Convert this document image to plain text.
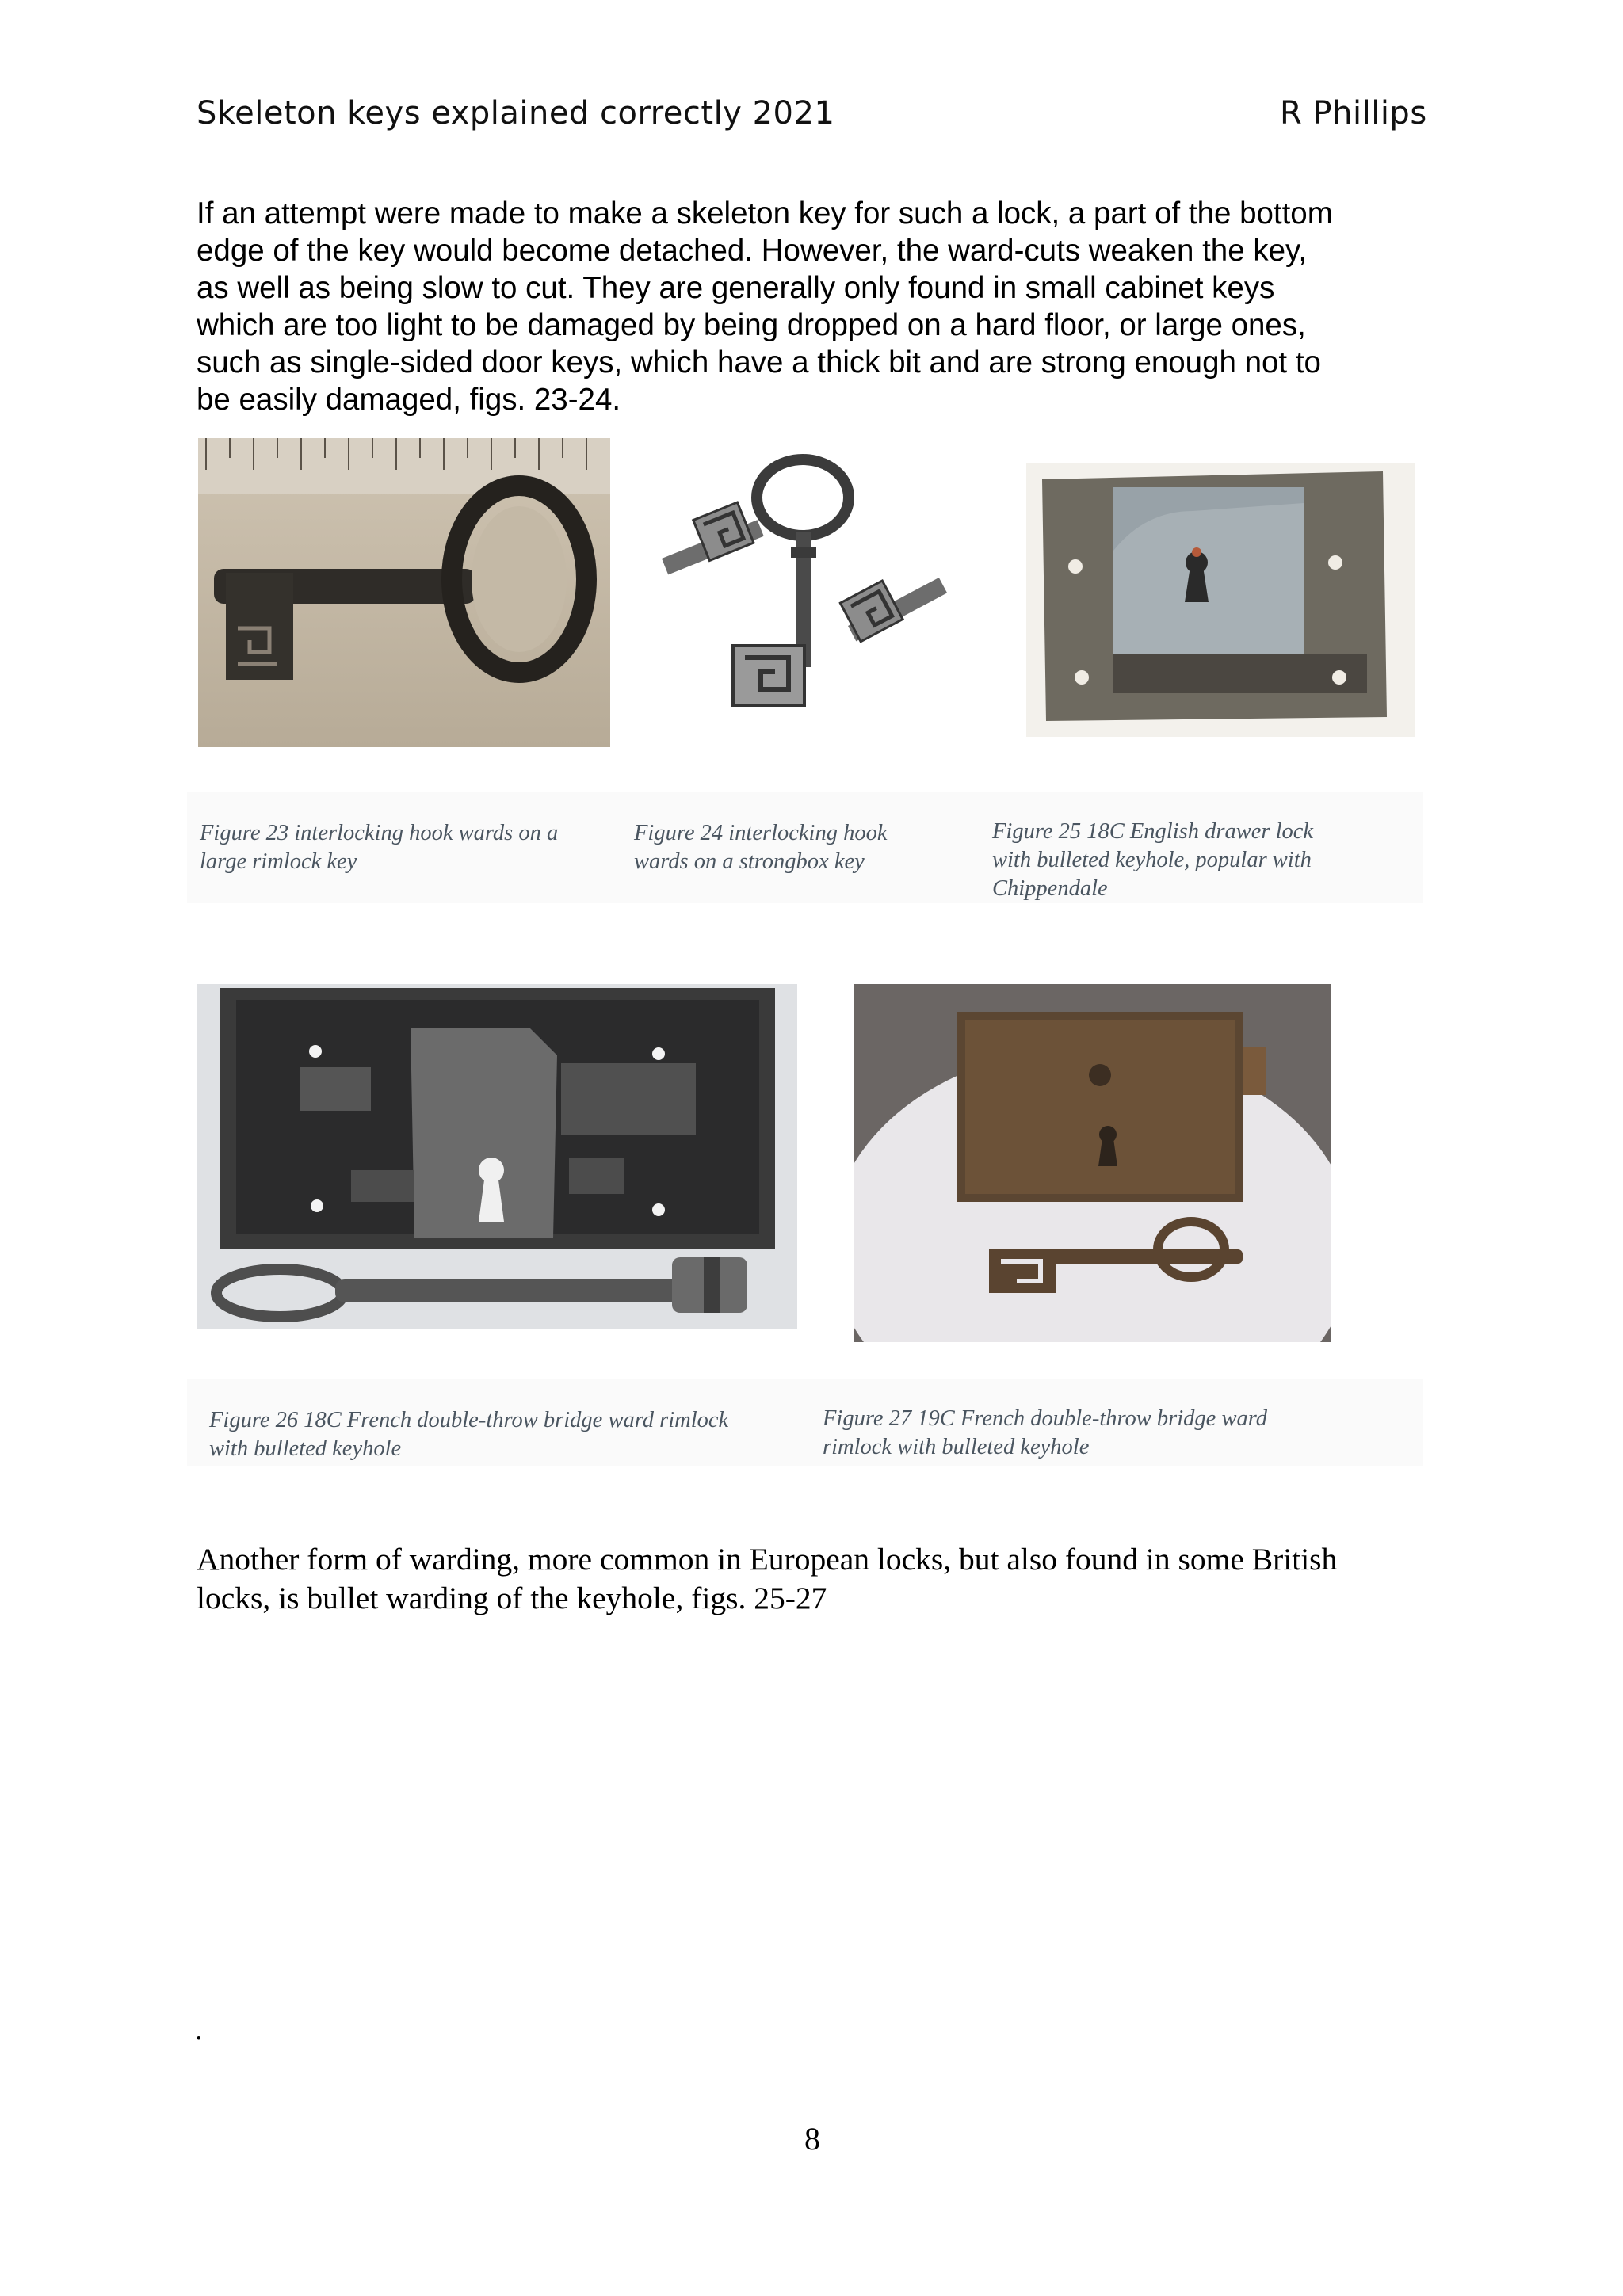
Skeleton keys explained correctly 2021	R Phillips

If an attempt were made to make a skeleton key for such a lock, a part of the bottom

edge of the key would become detached. However, the ward-cuts weaken the key,

as well as being slow to cut. They are generally only found in small cabinet keys

which are too light to be damaged by being dropped on a hard floor, or large ones,

such as single-sided door keys, which have a thick bit and are strong enough not to

be easily damaged, figs. 23-24.

Figure 23 interlocking hook wards on a
large rimlock key
Figure 24 interlocking hook
wards on a strongbox key
Figure 25 18C English drawer lock
with bulleted keyhole, popular with
Chippendale
Figure 26 18C French double-throw bridge ward rimlock
with bulleted keyhole
Figure 27 19C French double-throw bridge ward
rimlock with bulleted keyhole
Another form of warding, more common in European locks, but also found in some British
locks, is bullet warding of the keyhole, figs. 25-27
.
8
